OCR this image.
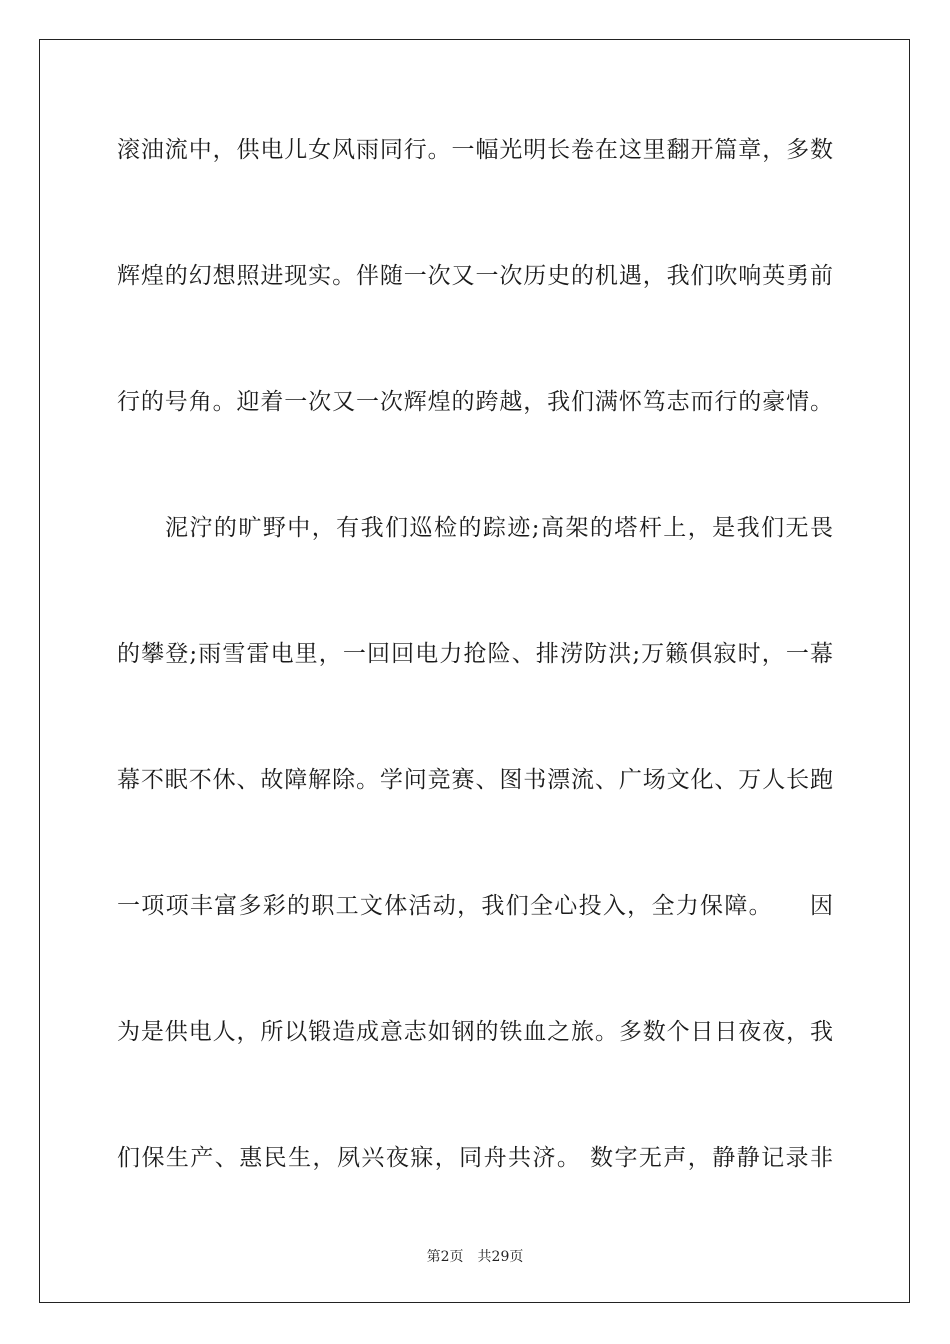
滚油流中，供电儿女风雨同行。一幅光明长卷在这里翻开篇章，多数
辉煌的幻想照进现实。伴随一次又一次历史的机遇，我们吹响英勇前
行的号角。迎着一次又一次辉煌的跨越，我们满怀笃志而行的豪情。
泥泞的旷野中，有我们巡检的踪迹;高架的塔杆上，是我们无畏
的攀登;雨雪雷电里，一回回电力抢险、排涝防洪;万籁俱寂时，一幕
幕不眠不休、故障解除。学问竞赛、图书漂流、广场文化、万人长跑
一项项丰富多彩的职工文体活动，我们全心投入，全力保障。　　因
为是供电人，所以锻造成意志如钢的铁血之旅。多数个日日夜夜，我
们保生产、惠民生，夙兴夜寐，同舟共济。 数字无声，静静记录非
第2页　共29页
